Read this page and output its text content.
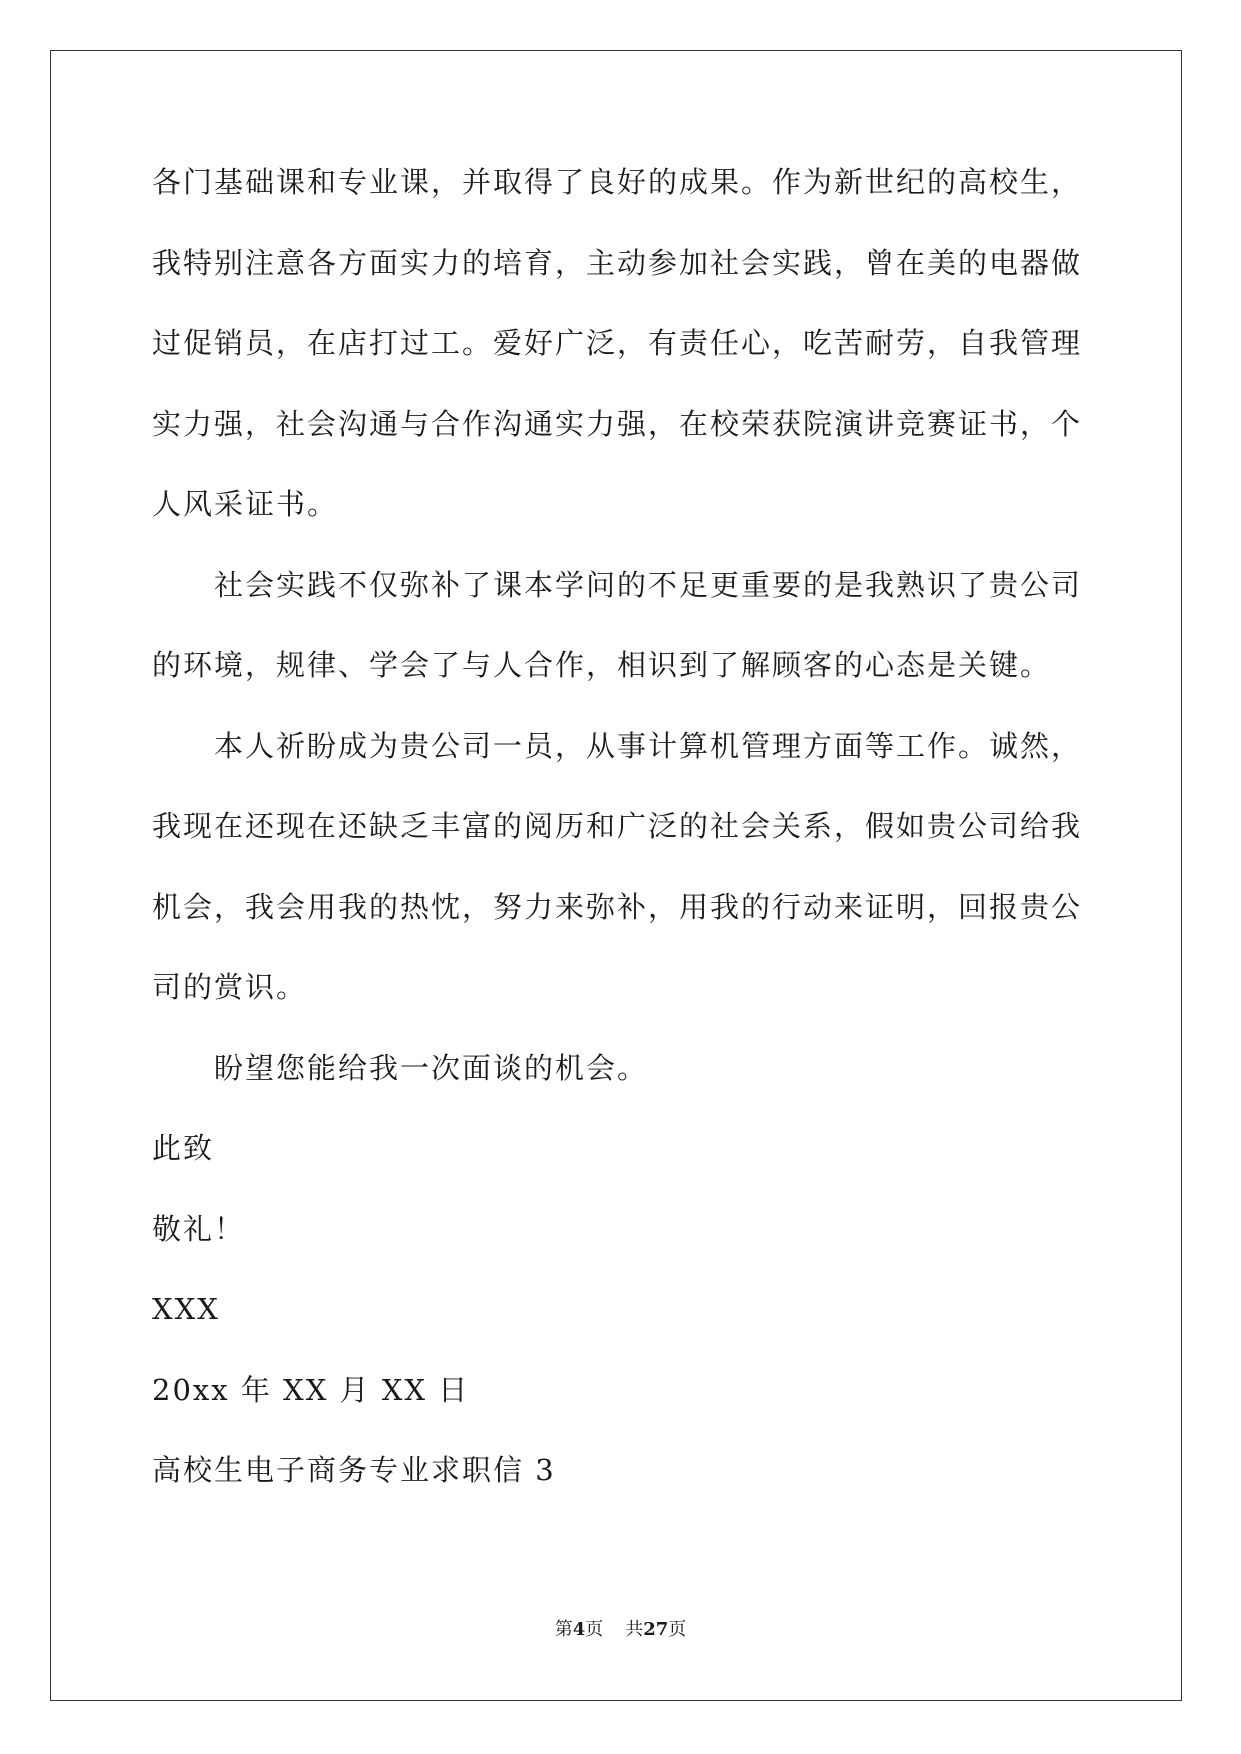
各门基础课和专业课，并取得了良好的成果。作为新世纪的高校生，
我特别注意各方面实力的培育，主动参加社会实践，曾在美的电器做
过促销员，在店打过工。爱好广泛，有责任心，吃苦耐劳，自我管理
实力强，社会沟通与合作沟通实力强，在校荣获院演讲竞赛证书，个
人风采证书。
社会实践不仅弥补了课本学问的不足更重要的是我熟识了贵公司
的环境，规律、学会了与人合作，相识到了解顾客的心态是关键。
本人祈盼成为贵公司一员，从事计算机管理方面等工作。诚然，
我现在还现在还缺乏丰富的阅历和广泛的社会关系，假如贵公司给我
机会，我会用我的热忱，努力来弥补，用我的行动来证明，回报贵公
司的赏识。
盼望您能给我一次面谈的机会。
此致
敬礼！
XXX
20xx 年 XX 月 XX 日
高校生电子商务专业求职信 3
第4页 共27页
